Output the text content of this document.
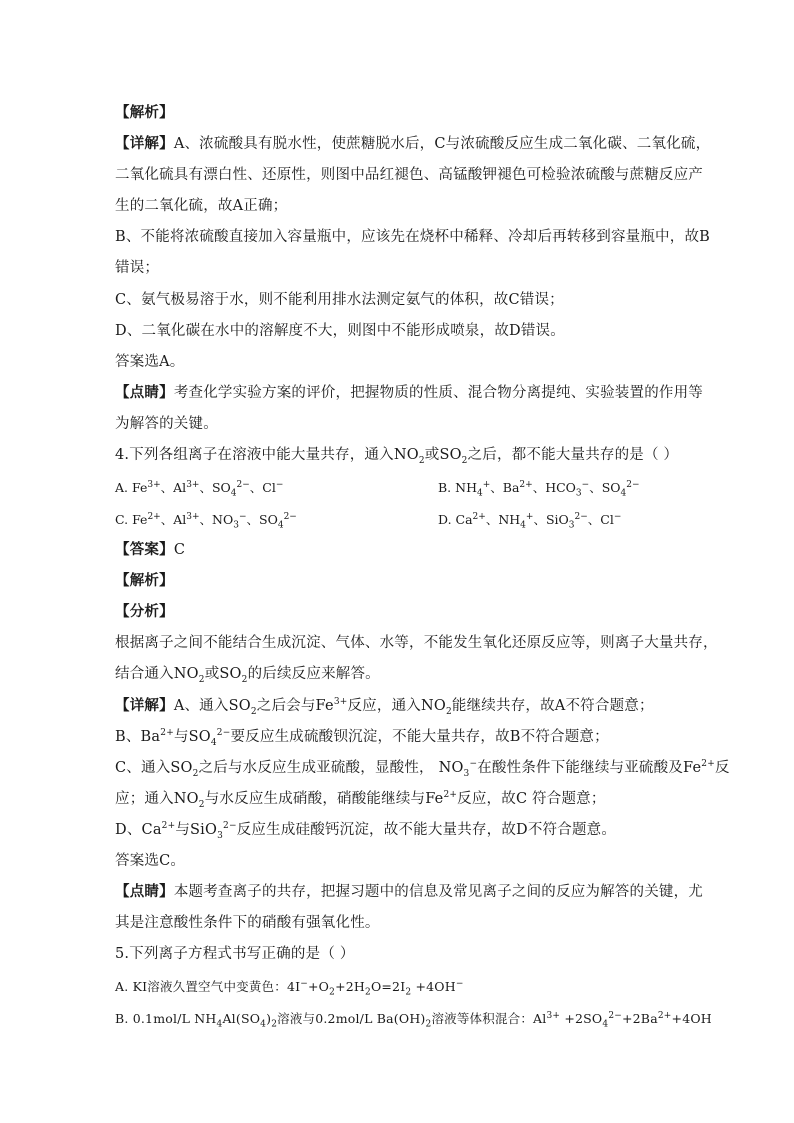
【解析】
【详解】A、浓硫酸具有脱水性，使蔗糖脱水后，C与浓硫酸反应生成二氧化碳、二氧化硫，
二氧化硫具有漂白性、还原性，则图中品红褪色、高锰酸钾褪色可检验浓硫酸与蔗糖反应产
生的二氧化硫，故A正确；
B、不能将浓硫酸直接加入容量瓶中，应该先在烧杯中稀释、冷却后再转移到容量瓶中，故B
错误；
C、氨气极易溶于水，则不能利用排水法测定氨气的体积，故C错误；
D、二氧化碳在水中的溶解度不大，则图中不能形成喷泉，故D错误。
答案选A。
【点睛】考查化学实验方案的评价，把握物质的性质、混合物分离提纯、实验装置的作用等
为解答的关键。
4.下列各组离子在溶液中能大量共存，通入$NO_2$或$SO_2$之后，都不能大量共存的是（ ）
A. $Fe^{3+}$、$Al^{3+}$、$SO_4^{2-}$、Cl−	B. $NH_4^+$、$Ba^{2+}$、$HCO_3^-$、$SO_4^{2-}$
C. $Fe^{2+}$、$Al^{3+}$、$NO_3^-$、$SO_4^{2-}$	D. $Ca^{2+}$、$NH_4^+$、SiO$_3^{2-}$、Cl−
【答案】C
【解析】
【分析】
根据离子之间不能结合生成沉淀、气体、水等，不能发生氧化还原反应等，则离子大量共存，
结合通入$NO_2$或$SO_2$的后续反应来解答。
【详解】A、通入$SO_2$之后会与$Fe^{3+}$反应，通入$NO_2$能继续共存，故A不符合题意；
B、$Ba^{2+}$与$SO_4^{2-}$要反应生成硫酸钡沉淀，不能大量共存，故B不符合题意；
C、通入$SO_2$之后与水反应生成亚硫酸，显酸性， $NO_3^-$在酸性条件下能继续与亚硫酸及$Fe^{2+}$反
应；通入$NO_2$与水反应生成硝酸，硝酸能继续与$Fe^{2+}$反应，故C 符合题意；
D、$Ca^{2+}$与SiO$_3^{2-}$反应生成硅酸钙沉淀，故不能大量共存，故D不符合题意。
答案选C。
【点睛】本题考查离子的共存，把握习题中的信息及常见离子之间的反应为解答的关键，尤
其是注意酸性条件下的硝酸有强氧化性。
5.下列离子方程式书写正确的是（ ）
A. KI溶液久置空气中变黄色：$4I^-+O_2+2H_2O=2I_2 +4OH^-$
B. 0.1mol/L $NH_4Al(SO_4)_2$溶液与0.2mol/L $Ba(OH)_2$溶液等体积混合：$Al^{3+} +2SO_4^{2-}+2Ba^{2+}+4OH$
